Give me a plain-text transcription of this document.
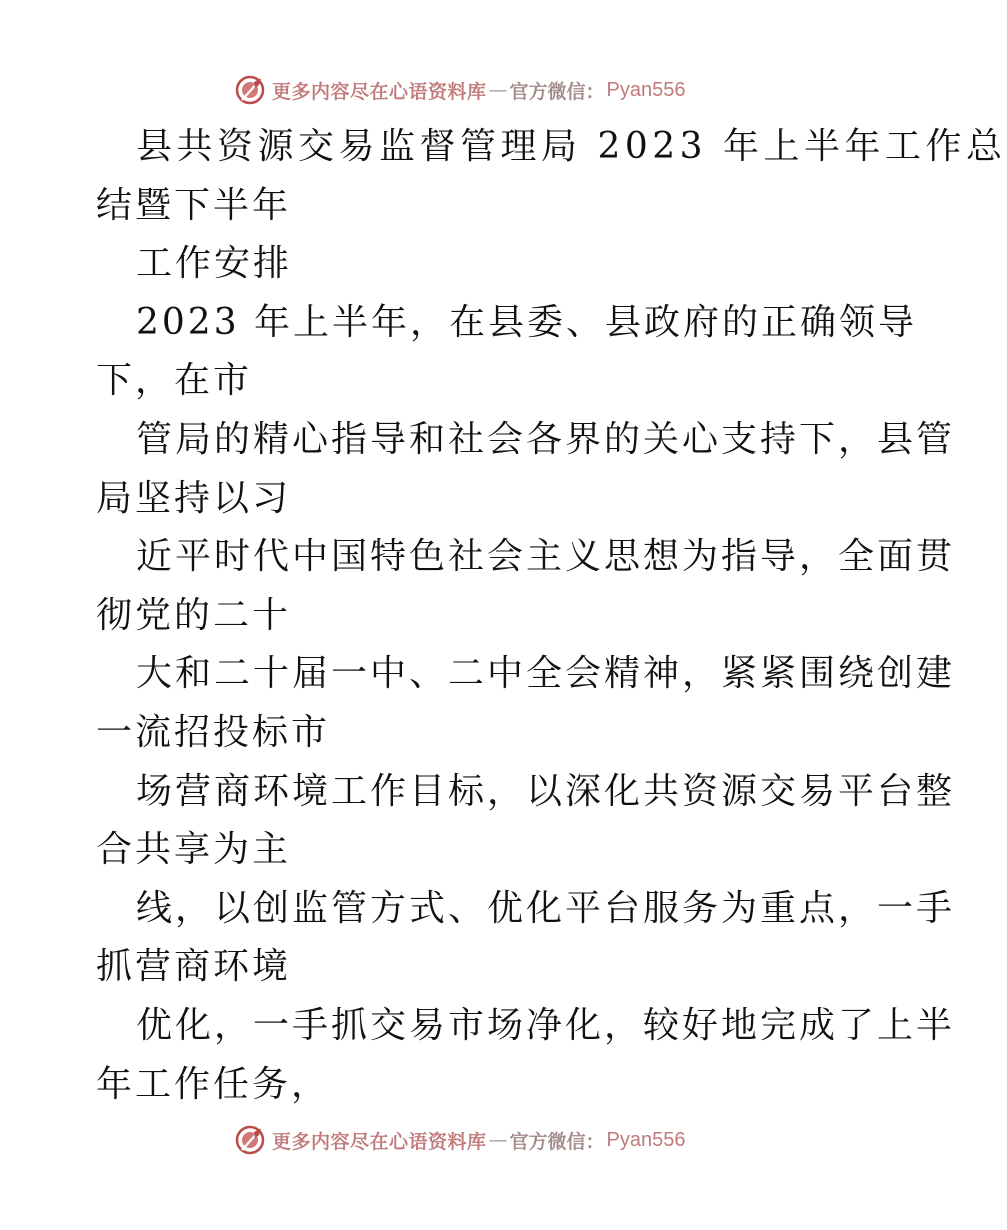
更多内容尽在心语资料库 — 官方微信： Pyan556
县共资源交易监督管理局 2023 年上半年工作总
结暨下半年
工作安排
2023 年上半年，在县委、县政府的正确领导
下，在市
管局的精心指导和社会各界的关心支持下，县管
局坚持以习
近平时代中国特色社会主义思想为指导，全面贯
彻党的二十
大和二十届一中、二中全会精神，紧紧围绕创建
一流招投标市
场营商环境工作目标，以深化共资源交易平台整
合共享为主
线，以创监管方式、优化平台服务为重点，一手
抓营商环境
优化，一手抓交易市场净化，较好地完成了上半
年工作任务，
更多内容尽在心语资料库 — 官方微信： Pyan556
